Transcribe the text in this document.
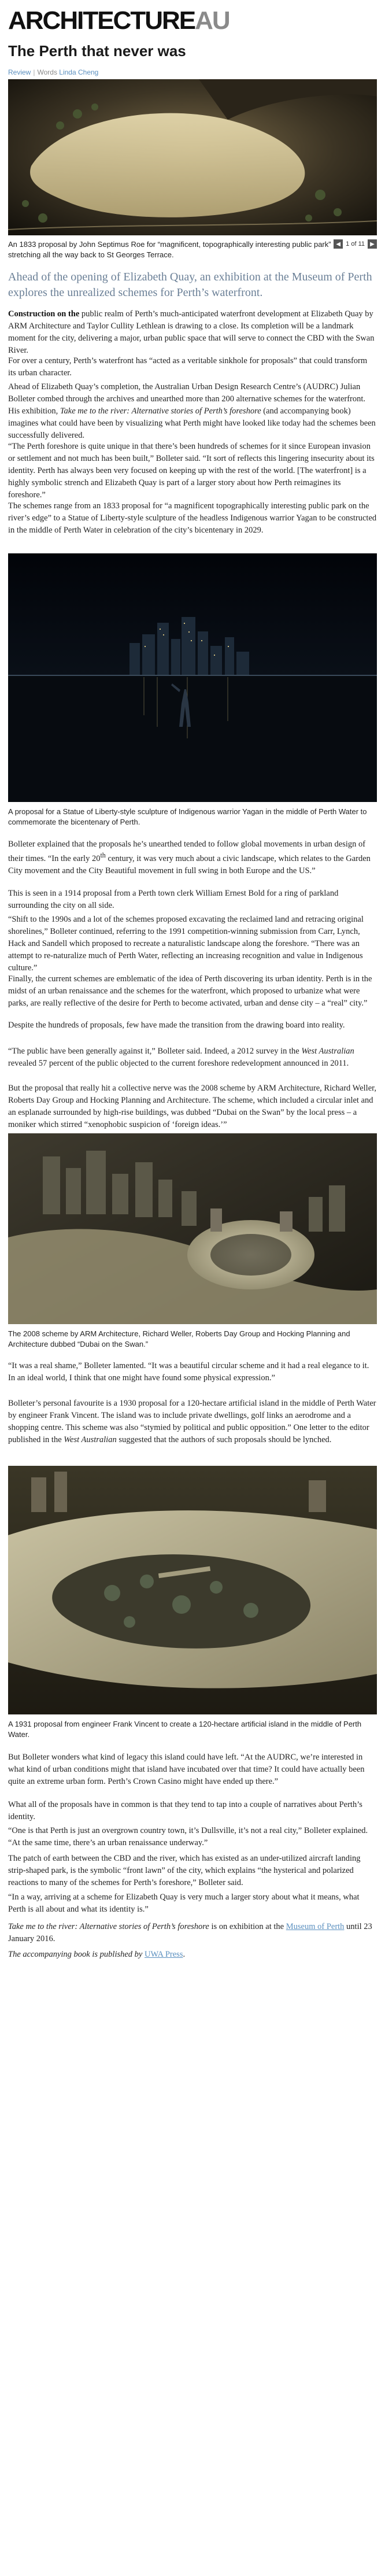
ARCHITECTUREAU
The Perth that never was
Review | Words Linda Cheng
An 1833 proposal by John Septimus Roe for “magnificent, topographically interesting public park” stretching all the way back to St Georges Terrace.
◀ 1 of 11 ▶

Ahead of the opening of Elizabeth Quay, an exhibition at the Museum of Perth explores the unrealized schemes for Perth’s waterfront.

Construction on the public realm of Perth’s much-anticipated waterfront development at Elizabeth Quay by ARM Architecture and Taylor Cullity Lethlean is drawing to a close. Its completion will be a landmark moment for the city, delivering a major, urban public space that will serve to connect the CBD with the Swan River.

For over a century, Perth’s waterfront has “acted as a veritable sinkhole for proposals” that could transform its urban character.

Ahead of Elizabeth Quay’s completion, the Australian Urban Design Research Centre’s (AUDRC) Julian Bolleter combed through the archives and unearthed more than 200 alternative schemes for the waterfront. His exhibition, Take me to the river: Alternative stories of Perth’s foreshore (and accompanying book) imagines what could have been by visualizing what Perth might have looked like today had the schemes been successfully delivered.

“The Perth foreshore is quite unique in that there’s been hundreds of schemes for it since European invasion or settlement and not much has been built,” Bolleter said. “It sort of reflects this lingering insecurity about its identity. Perth has always been very focused on keeping up with the rest of the world. [The waterfront] is a highly symbolic strench and Elizabeth Quay is part of a larger story about how Perth reimagines its foreshore.”

The schemes range from an 1833 proposal for “a magnificent topographically interesting public park on the river’s edge” to a Statue of Liberty-style sculpture of the headless Indigenous warrior Yagan to be constructed in the middle of Perth Water in celebration of the city’s bicentenary in 2029.

A proposal for a Statue of Liberty-style sculpture of Indigenous warrior Yagan in the middle of Perth Water to commemorate the bicentenary of Perth.

Bolleter explained that the proposals he’s unearthed tended to follow global movements in urban design of their times. “In the early 20th century, it was very much about a civic landscape, which relates to the Garden City movement and the City Beautiful movement in full swing in both Europe and the US.”

This is seen in a 1914 proposal from a Perth town clerk William Ernest Bold for a ring of parkland surrounding the city on all side.

“Shift to the 1990s and a lot of the schemes proposed excavating the reclaimed land and retracing original shorelines,” Bolleter continued, referring to the 1991 competition-winning submission from Carr, Lynch, Hack and Sandell which proposed to recreate a naturalistic landscape along the foreshore. “There was an attempt to re-naturalize much of Perth Water, reflecting an increasing recognition and value in Indigenous culture.”

Finally, the current schemes are emblematic of the idea of Perth discovering its urban identity. Perth is in the midst of an urban renaissance and the schemes for the waterfront, which proposed to urbanize what were parks, are really reflective of the desire for Perth to become activated, urban and dense city – a “real” city.”

Despite the hundreds of proposals, few have made the transition from the drawing board into reality.

“The public have been generally against it,” Bolleter said. Indeed, a 2012 survey in the West Australian revealed 57 percent of the public objected to the current foreshore redevelopment announced in 2011.

But the proposal that really hit a collective nerve was the 2008 scheme by ARM Architecture, Richard Weller, Roberts Day Group and Hocking Planning and Architecture. The scheme, which included a circular inlet and an esplanade surrounded by high-rise buildings, was dubbed “Dubai on the Swan” by the local press – a moniker which stirred “xenophobic suspicion of ‘foreign ideas.’”

The 2008 scheme by ARM Architecture, Richard Weller, Roberts Day Group and Hocking Planning and Architecture dubbed “Dubai on the Swan.”

“It was a real shame,” Bolleter lamented. “It was a beautiful circular scheme and it had a real elegance to it. In an ideal world, I think that one might have found some physical expression.”

Bolleter’s personal favourite is a 1930 proposal for a 120-hectare artificial island in the middle of Perth Water by engineer Frank Vincent. The island was to include private dwellings, golf links an aerodrome and a shopping centre. This scheme was also “stymied by political and public opposition.” One letter to the editor published in the West Australian suggested that the authors of such proposals should be lynched.

A 1931 proposal from engineer Frank Vincent to create a 120-hectare artificial island in the middle of Perth Water.

But Bolleter wonders what kind of legacy this island could have left. “At the AUDRC, we’re interested in what kind of urban conditions might that island have incubated over that time? It could have actually been quite an extreme urban form. Perth’s Crown Casino might have ended up there.”

What all of the proposals have in common is that they tend to tap into a couple of narratives about Perth’s identity.

“One is that Perth is just an overgrown country town, it’s Dullsville, it’s not a real city,” Bolleter explained. “At the same time, there’s an urban renaissance underway.”

The patch of earth between the CBD and the river, which has existed as an under-utilized aircraft landing strip-shaped park, is the symbolic “front lawn” of the city, which explains “the hysterical and polarized reactions to many of the schemes for Perth’s foreshore,” Bolleter said.

“In a way, arriving at a scheme for Elizabeth Quay is very much a larger story about what it means, what Perth is all about and what its identity is.”

Take me to the river: Alternative stories of Perth’s foreshore is on exhibition at the Museum of Perth until 23 January 2016.

The accompanying book is published by UWA Press.
